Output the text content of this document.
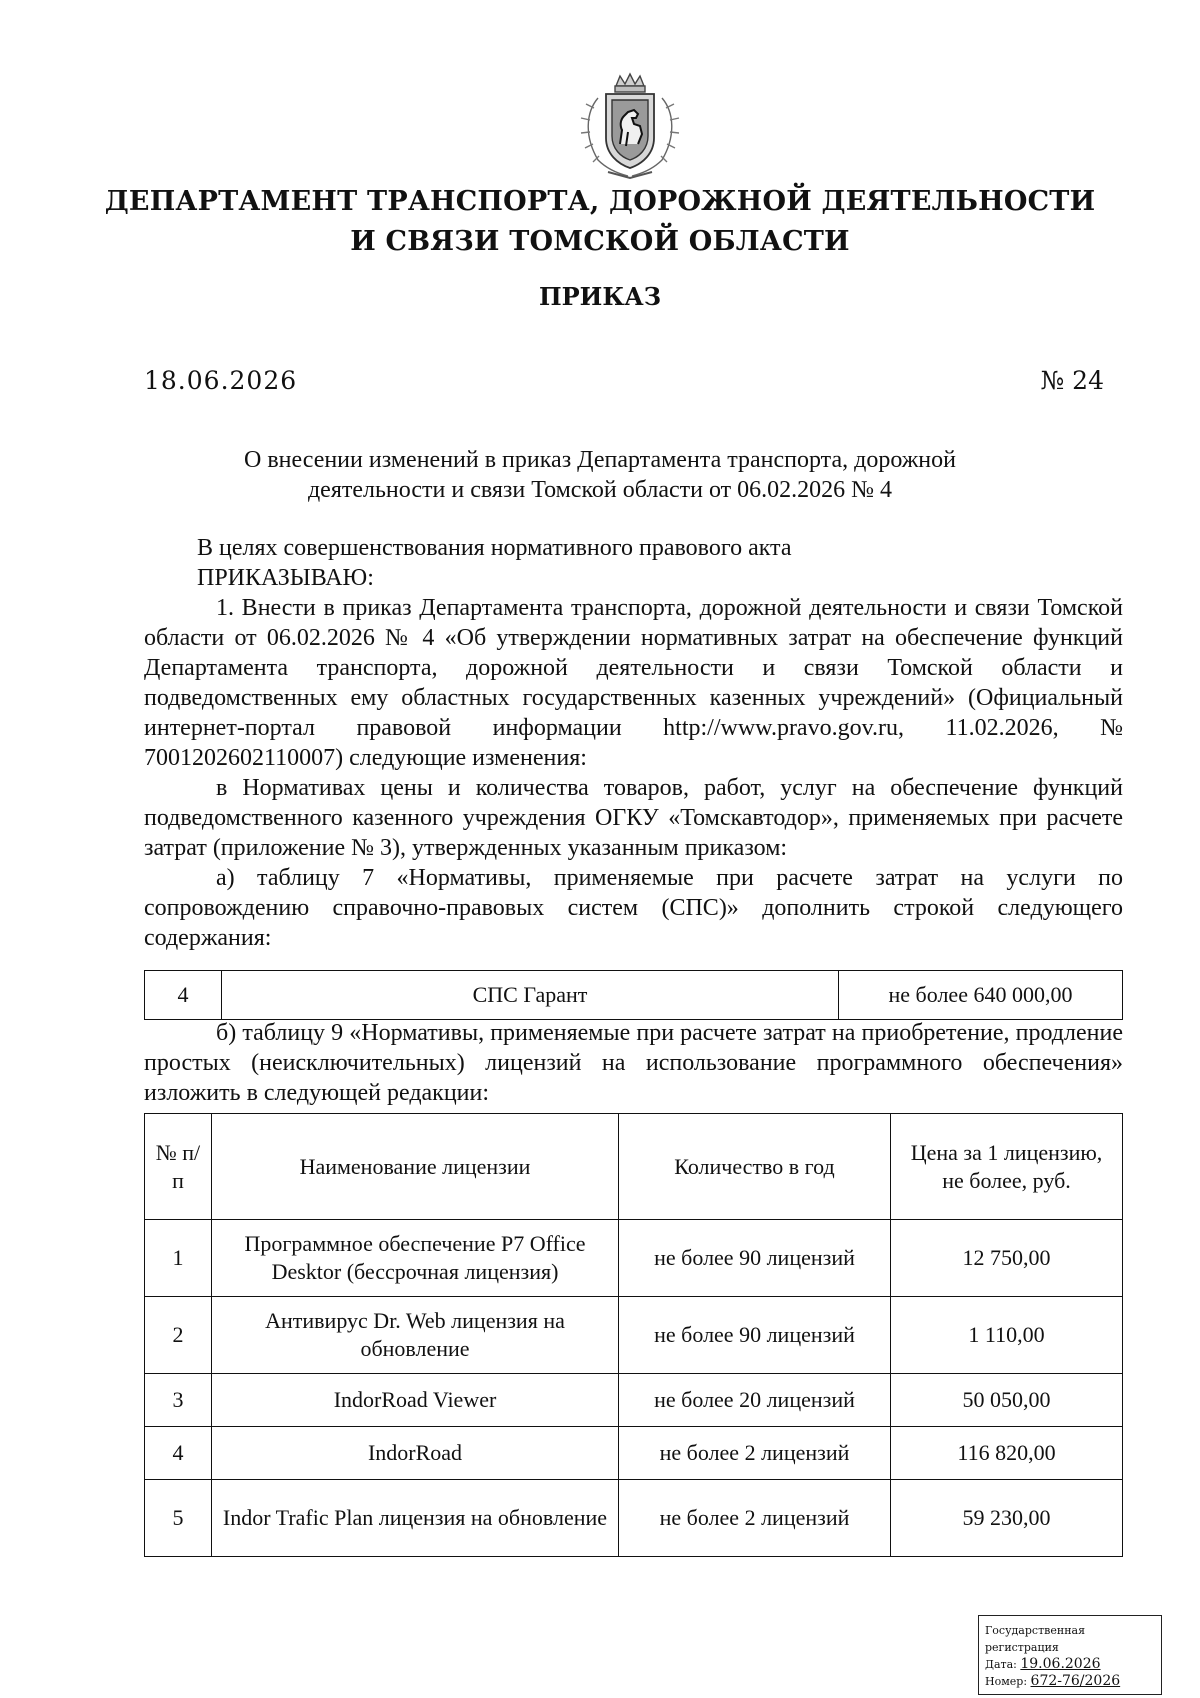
ДЕПАРТАМЕНТ ТРАНСПОРТА, ДОРОЖНОЙ ДЕЯТЕЛЬНОСТИ
И СВЯЗИ ТОМСКОЙ ОБЛАСТИ
ПРИКАЗ
18.06.2026	№ 24
О внесении изменений в приказ Департамента транспорта, дорожной
деятельности и связи Томской области от 06.02.2026 № 4

В целях совершенствования нормативного правового акта

ПРИКАЗЫВАЮ:

1. Внести в приказ Департамента транспорта, дорожной деятельности и связи Томской области от 06.02.2026 № 4 «Об утверждении нормативных затрат на обеспечение функций Департамента транспорта, дорожной деятельности и связи Томской области и подведомственных ему областных государственных казенных учреждений» (Официальный интернет-портал правовой информации http://www.pravo.gov.ru, 11.02.2026, № 7001202602110007) следующие изменения:

в Нормативах цены и количества товаров, работ, услуг на обеспечение функций подведомственного казенного учреждения ОГКУ «Томскавтодор», применяемых при расчете затрат (приложение № 3), утвержденных указанным приказом:

а) таблицу 7 «Нормативы, применяемые при расчете затрат на услуги по сопровождению справочно-правовых систем (СПС)» дополнить строкой следующего содержания:

4	СПС Гарант	не более 640 000,00

б) таблицу 9 «Нормативы, применяемые при расчете затрат на приобретение, продление простых (неисключительных) лицензий на использование программного обеспечения» изложить в следующей редакции:

№ п/п	Наименование лицензии	Количество в год	Цена за 1 лицензию, не более, руб.
1	Программное обеспечение Р7 Office Desktor (бессрочная лицензия)	не более 90 лицензий	12 750,00
2	Антивирус Dr. Web лицензия на обновление	не более 90 лицензий	1 110,00
3	IndorRoad Viewer	не более 20 лицензий	50 050,00
4	IndorRoad	не более 2 лицензий	116 820,00
5	Indor Trafic Plan лицензия на обновление	не более 2 лицензий	59 230,00
Государственная регистрация
Дата: 19.06.2026
Номер: 672-76/2026
